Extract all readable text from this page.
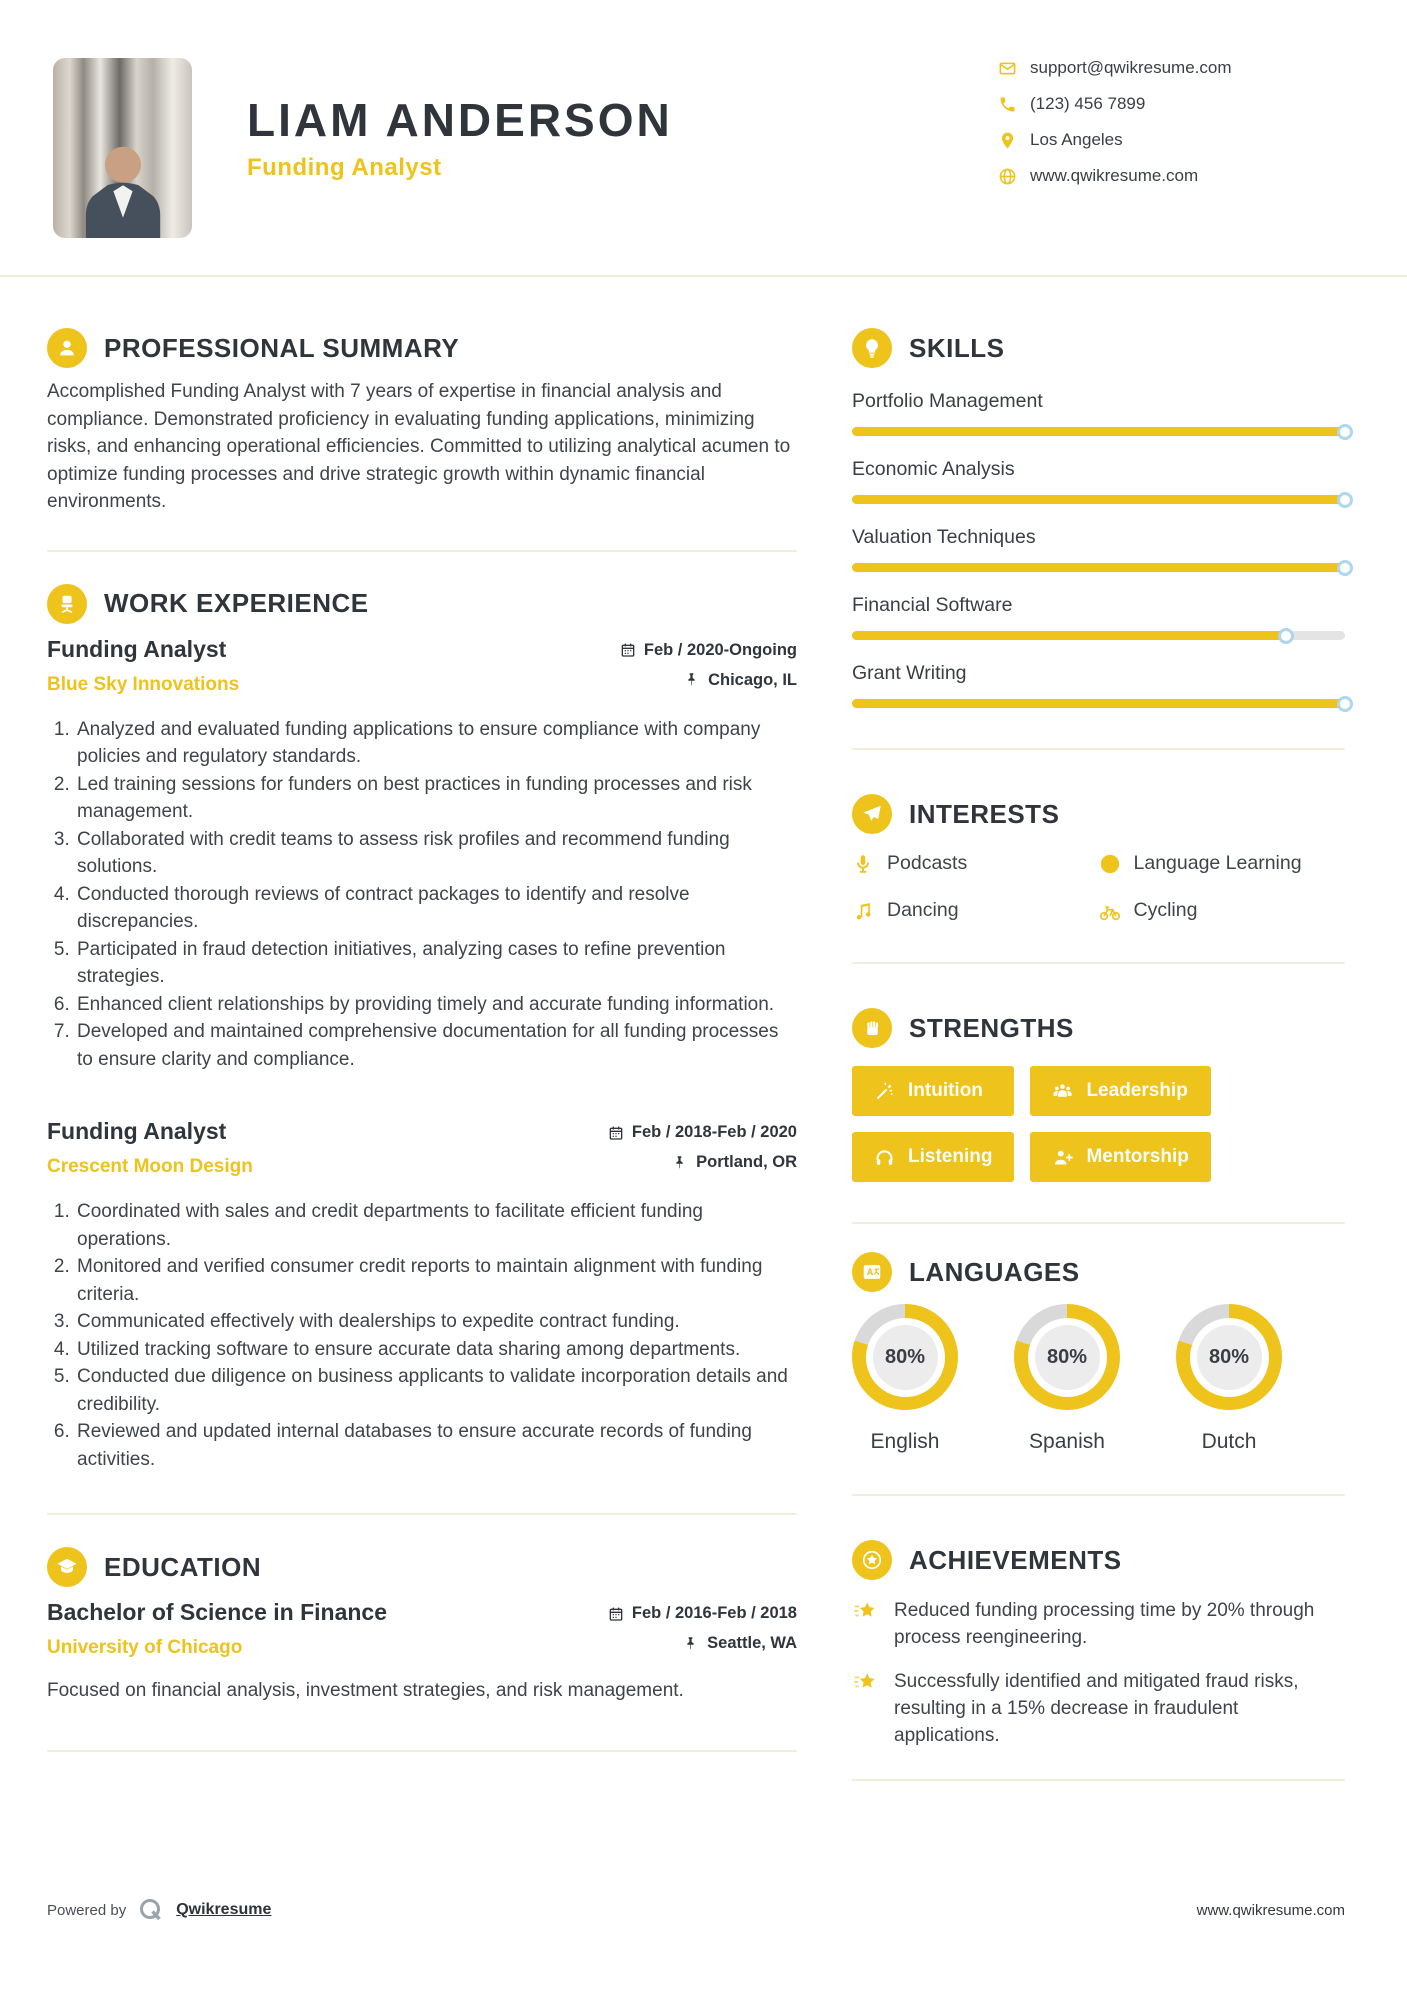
LIAM ANDERSON
Funding Analyst
support@qwikresume.com
(123) 456 7899
Los Angeles
www.qwikresume.com
PROFESSIONAL SUMMARY

Accomplished Funding Analyst with 7 years of expertise in financial analysis and compliance. Demonstrated proficiency in evaluating funding applications, minimizing risks, and enhancing operational efficiencies. Committed to utilizing analytical acumen to optimize funding processes and drive strategic growth within dynamic financial environments.

WORK EXPERIENCE
Funding Analyst
Blue Sky Innovations
Feb / 2020-Ongoing
Chicago, IL
1. Analyzed and evaluated funding applications to ensure compliance with company policies and regulatory standards.
2. Led training sessions for funders on best practices in funding processes and risk management.
3. Collaborated with credit teams to assess risk profiles and recommend funding solutions.
4. Conducted thorough reviews of contract packages to identify and resolve discrepancies.
5. Participated in fraud detection initiatives, analyzing cases to refine prevention strategies.
6. Enhanced client relationships by providing timely and accurate funding information.
7. Developed and maintained comprehensive documentation for all funding processes to ensure clarity and compliance.
Funding Analyst
Crescent Moon Design
Feb / 2018-Feb / 2020
Portland, OR
1. Coordinated with sales and credit departments to facilitate efficient funding operations.
2. Monitored and verified consumer credit reports to maintain alignment with funding criteria.
3. Communicated effectively with dealerships to expedite contract funding.
4. Utilized tracking software to ensure accurate data sharing among departments.
5. Conducted due diligence on business applicants to validate incorporation details and credibility.
6. Reviewed and updated internal databases to ensure accurate records of funding activities.
EDUCATION
Bachelor of Science in Finance
University of Chicago
Feb / 2016-Feb / 2018
Seattle, WA

Focused on financial analysis, investment strategies, and risk management.

SKILLS
Portfolio Management
Economic Analysis
Valuation Techniques
Financial Software
Grant Writing
INTERESTS
Podcasts	Language Learning
Dancing	Cycling
STRENGTHS
Intuition	Leadership
Listening	Mentorship
LANGUAGES
80%
English
80%
Spanish
80%
Dutch
ACHIEVEMENTS
Reduced funding processing time by 20% through process reengineering.
Successfully identified and mitigated fraud risks, resulting in a 15% decrease in fraudulent applications.
Powered by	Qwikresume	www.qwikresume.com
